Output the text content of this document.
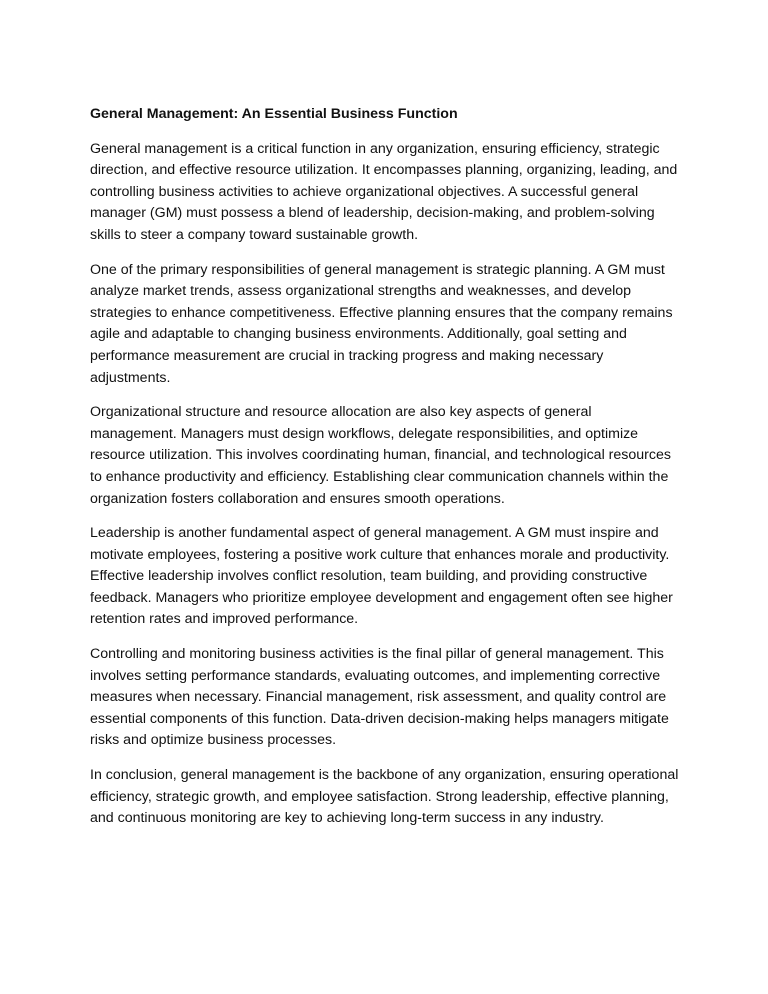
General Management: An Essential Business Function

General management is a critical function in any organization, ensuring efficiency, strategic direction, and effective resource utilization. It encompasses planning, organizing, leading, and controlling business activities to achieve organizational objectives. A successful general manager (GM) must possess a blend of leadership, decision-making, and problem-solving skills to steer a company toward sustainable growth.

One of the primary responsibilities of general management is strategic planning. A GM must analyze market trends, assess organizational strengths and weaknesses, and develop strategies to enhance competitiveness. Effective planning ensures that the company remains agile and adaptable to changing business environments. Additionally, goal setting and performance measurement are crucial in tracking progress and making necessary adjustments.

Organizational structure and resource allocation are also key aspects of general management. Managers must design workflows, delegate responsibilities, and optimize resource utilization. This involves coordinating human, financial, and technological resources to enhance productivity and efficiency. Establishing clear communication channels within the organization fosters collaboration and ensures smooth operations.

Leadership is another fundamental aspect of general management. A GM must inspire and motivate employees, fostering a positive work culture that enhances morale and productivity. Effective leadership involves conflict resolution, team building, and providing constructive feedback. Managers who prioritize employee development and engagement often see higher retention rates and improved performance.

Controlling and monitoring business activities is the final pillar of general management. This involves setting performance standards, evaluating outcomes, and implementing corrective measures when necessary. Financial management, risk assessment, and quality control are essential components of this function. Data-driven decision-making helps managers mitigate risks and optimize business processes.

In conclusion, general management is the backbone of any organization, ensuring operational efficiency, strategic growth, and employee satisfaction. Strong leadership, effective planning, and continuous monitoring are key to achieving long-term success in any industry.
